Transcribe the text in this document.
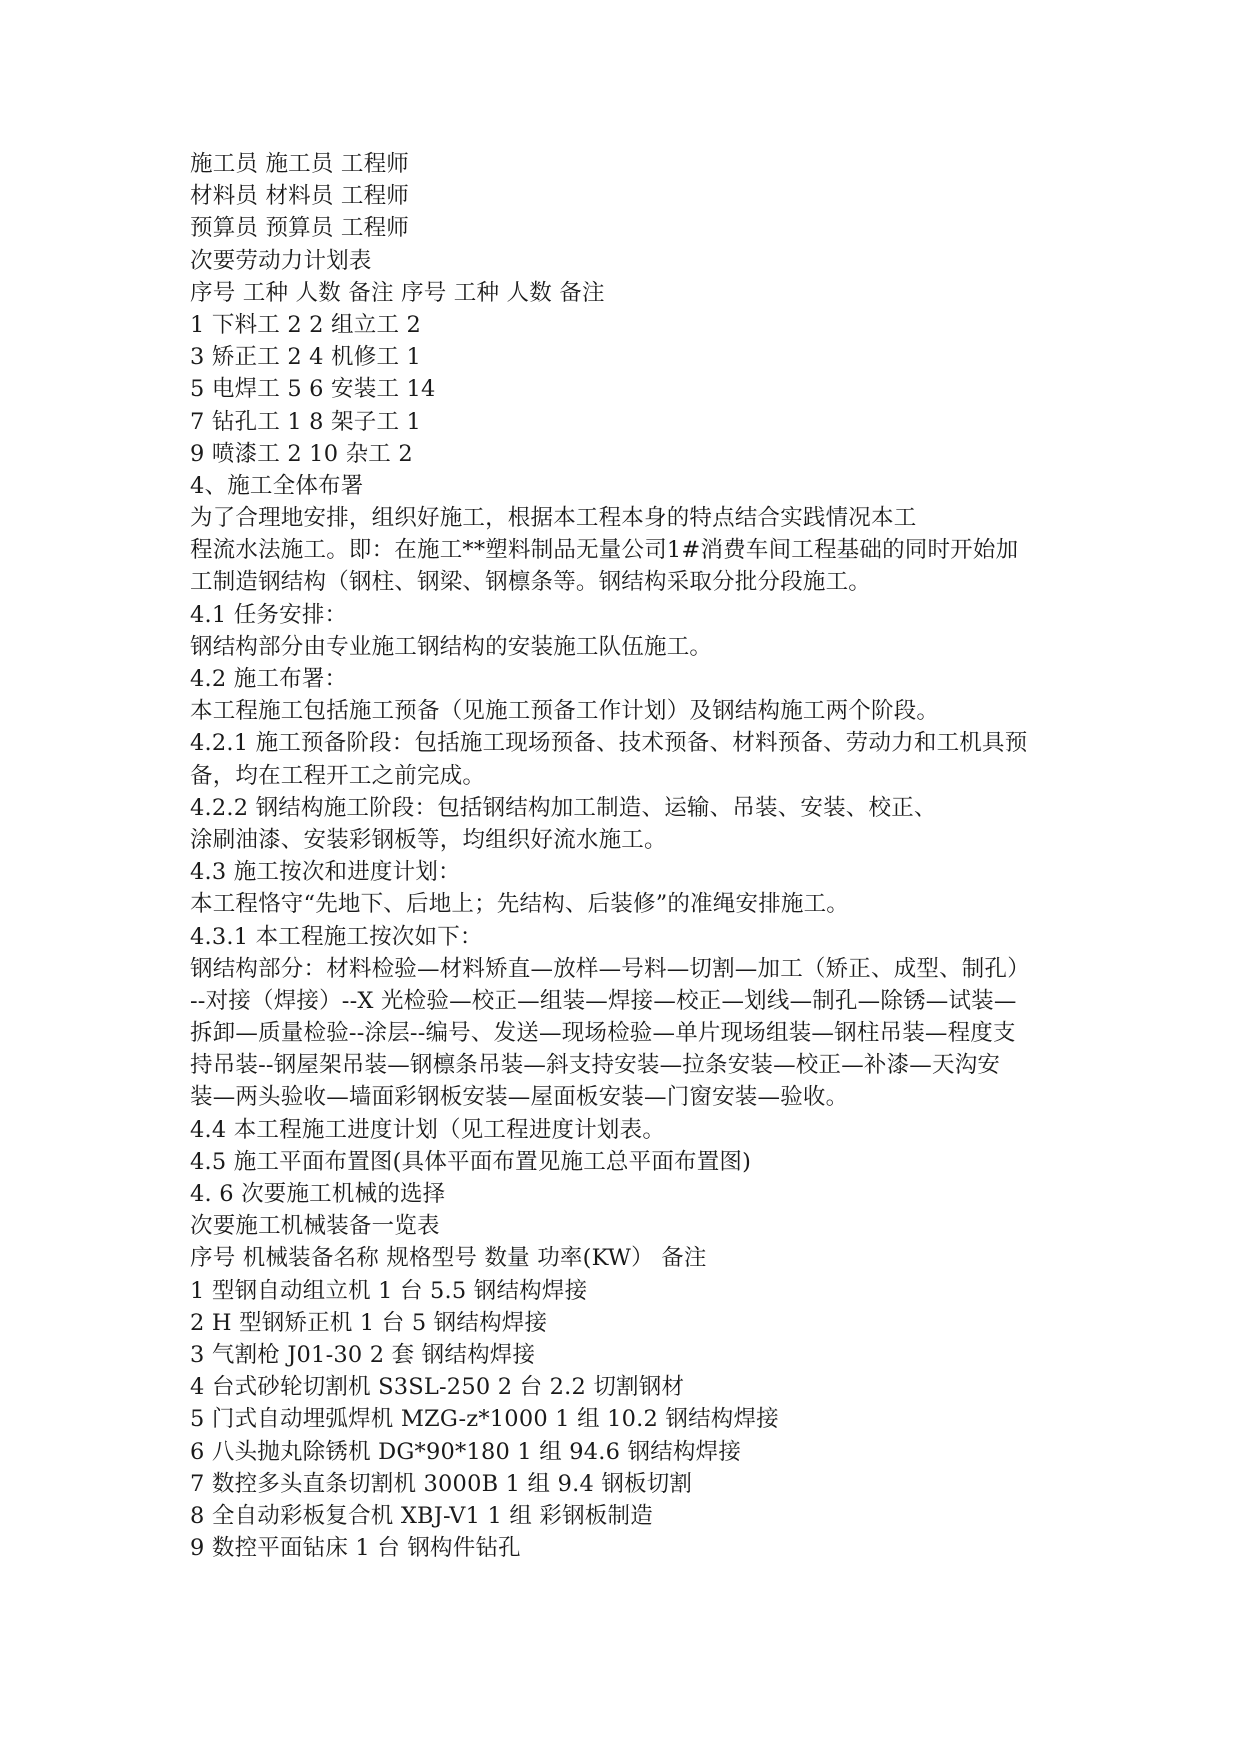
施工员 施工员 工程师
材料员 材料员 工程师
预算员 预算员 工程师
次要劳动力计划表
序号 工种 人数 备注 序号 工种 人数 备注
1 下料工 2 2 组立工 2
3 矫正工 2 4 机修工 1
5 电焊工 5 6 安装工 14
7 钻孔工 1 8 架子工 1
9 喷漆工 2 10 杂工 2
4、施工全体布署
为了合理地安排，组织好施工，根据本工程本身的特点结合实践情况本工
程流水法施工。即：在施工**塑料制品无量公司1#消费车间工程基础的同时开始加
工制造钢结构（钢柱、钢梁、钢檩条等。钢结构采取分批分段施工。
4.1 任务安排：
钢结构部分由专业施工钢结构的安装施工队伍施工。
4.2 施工布署：
本工程施工包括施工预备（见施工预备工作计划）及钢结构施工两个阶段。
4.2.1 施工预备阶段：包括施工现场预备、技术预备、材料预备、劳动力和工机具预
备，均在工程开工之前完成。
4.2.2 钢结构施工阶段：包括钢结构加工制造、运输、吊装、安装、校正、
涂刷油漆、安装彩钢板等，均组织好流水施工。
4.3 施工按次和进度计划：
本工程恪守“先地下、后地上；先结构、后装修”的准绳安排施工。
4.3.1 本工程施工按次如下：
钢结构部分：材料检验—材料矫直—放样—号料—切割—加工（矫正、成型、制孔）
--对接（焊接）--X 光检验—校正—组装—焊接—校正—划线—制孔—除锈—试装—
拆卸—质量检验--涂层--编号、发送—现场检验—单片现场组装—钢柱吊装—程度支
持吊装--钢屋架吊装—钢檩条吊装—斜支持安装—拉条安装—校正—补漆—天沟安
装—两头验收—墙面彩钢板安装—屋面板安装—门窗安装—验收。
4.4 本工程施工进度计划（见工程进度计划表。
4.5 施工平面布置图(具体平面布置见施工总平面布置图)
4. 6 次要施工机械的选择
次要施工机械装备一览表
序号 机械装备名称 规格型号 数量 功率(KW） 备注
1 型钢自动组立机 1 台 5.5 钢结构焊接
2 H 型钢矫正机 1 台 5 钢结构焊接
3 气割枪 J01-30 2 套 钢结构焊接
4 台式砂轮切割机 S3SL-250 2 台 2.2 切割钢材
5 门式自动埋弧焊机 MZG-z*1000 1 组 10.2 钢结构焊接
6 八头抛丸除锈机 DG*90*180 1 组 94.6 钢结构焊接
7 数控多头直条切割机 3000B 1 组 9.4 钢板切割
8 全自动彩板复合机 XBJ-V1 1 组 彩钢板制造
9 数控平面钻床 1 台 钢构件钻孔
